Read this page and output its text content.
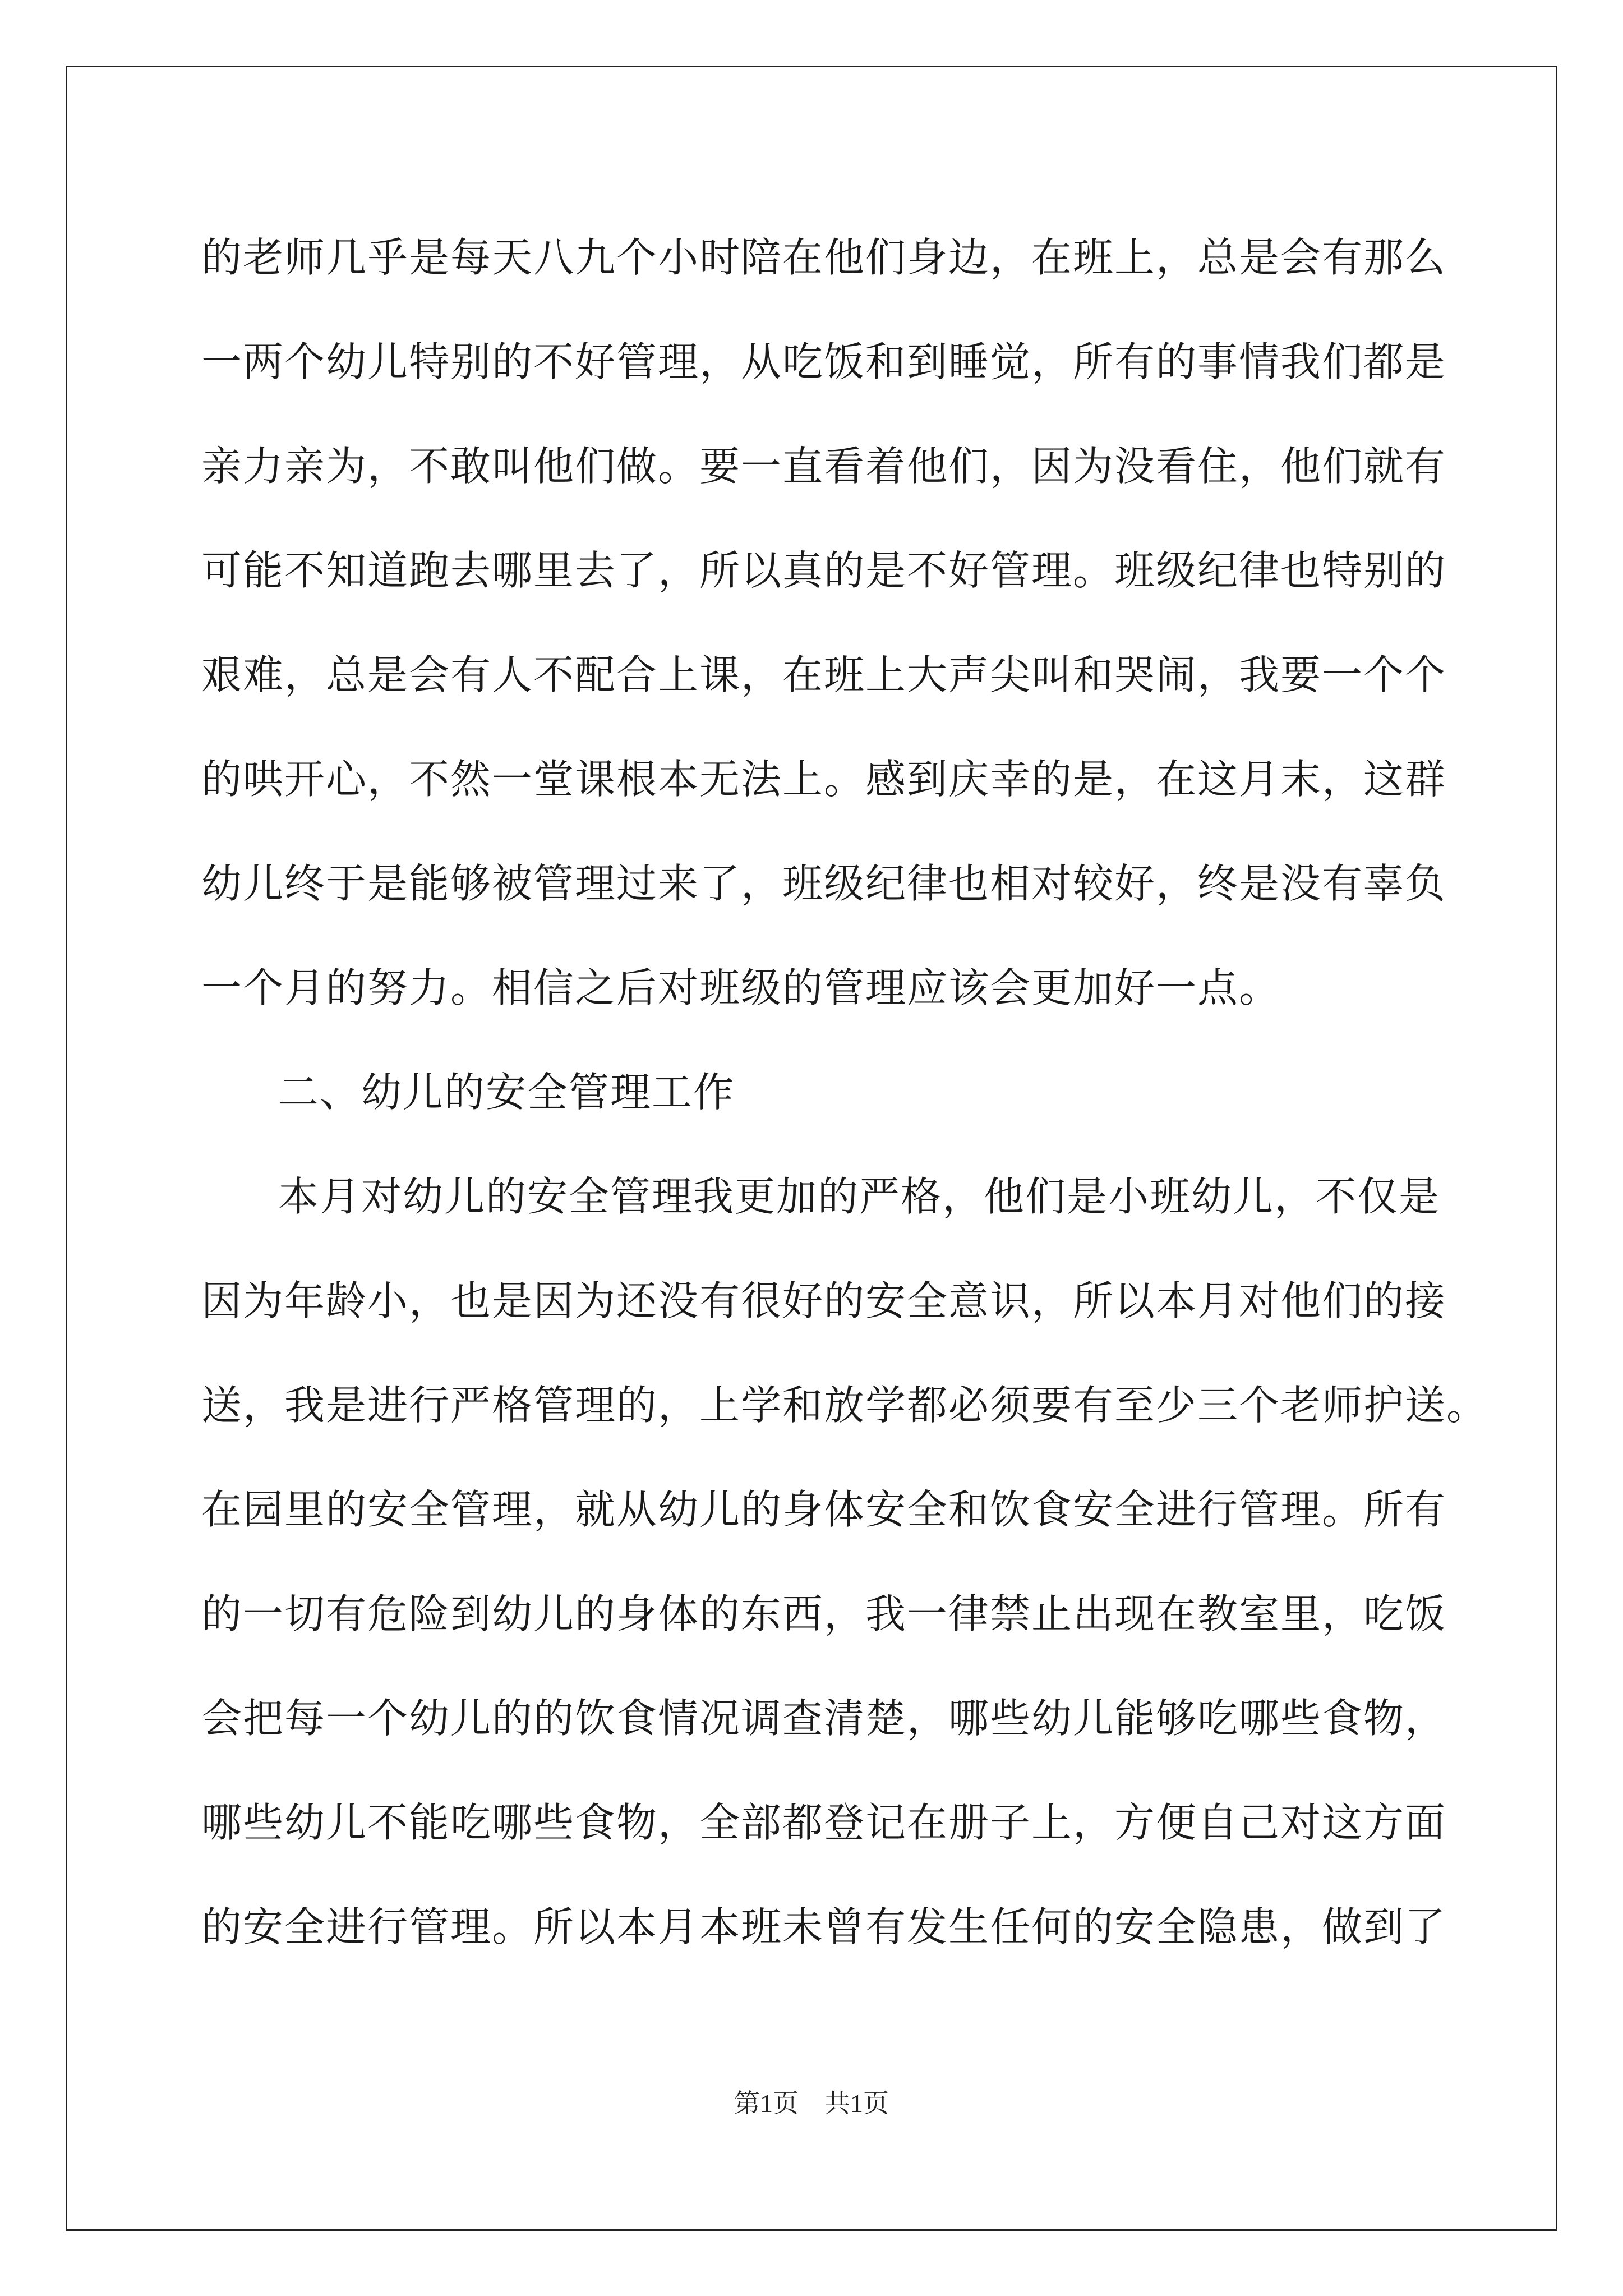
的老师几乎是每天八九个小时陪在他们身边，在班上，总是会有那么
一两个幼儿特别的不好管理，从吃饭和到睡觉，所有的事情我们都是
亲力亲为，不敢叫他们做。要一直看着他们，因为没看住，他们就有
可能不知道跑去哪里去了，所以真的是不好管理。班级纪律也特别的
艰难，总是会有人不配合上课，在班上大声尖叫和哭闹，我要一个个
的哄开心，不然一堂课根本无法上。感到庆幸的是，在这月末，这群
幼儿终于是能够被管理过来了，班级纪律也相对较好，终是没有辜负
一个月的努力。相信之后对班级的管理应该会更加好一点。
二、幼儿的安全管理工作
本月对幼儿的安全管理我更加的严格，他们是小班幼儿，不仅是
因为年龄小，也是因为还没有很好的安全意识，所以本月对他们的接
送，我是进行严格管理的，上学和放学都必须要有至少三个老师护送。
在园里的安全管理，就从幼儿的身体安全和饮食安全进行管理。所有
的一切有危险到幼儿的身体的东西，我一律禁止出现在教室里，吃饭
会把每一个幼儿的的饮食情况调查清楚，哪些幼儿能够吃哪些食物，
哪些幼儿不能吃哪些食物，全部都登记在册子上，方便自己对这方面
的安全进行管理。所以本月本班未曾有发生任何的安全隐患，做到了
第1页　共1页
